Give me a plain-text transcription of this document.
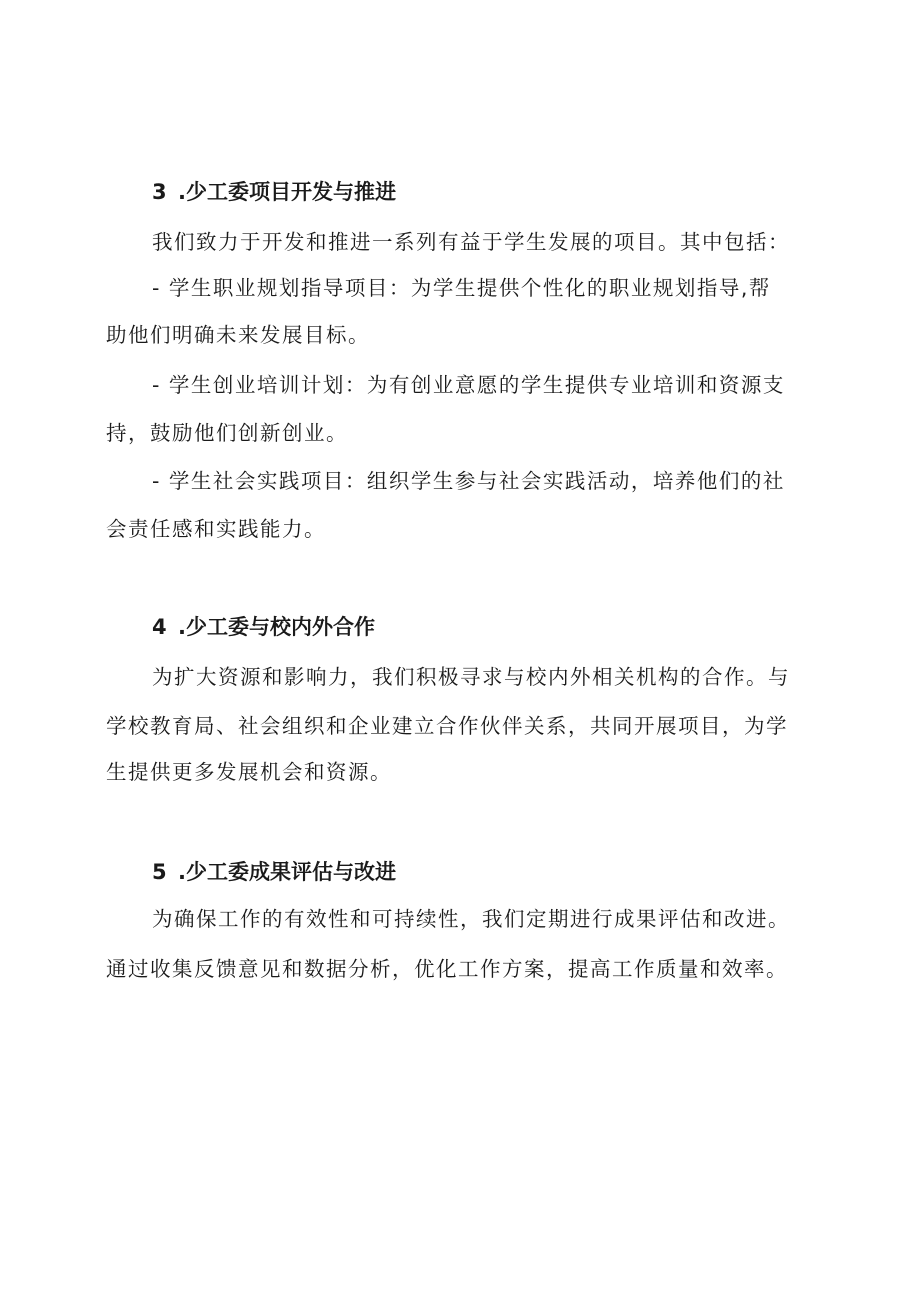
3 .少工委项目开发与推进
我们致力于开发和推进一系列有益于学生发展的项目。其中包括：
- 学生职业规划指导项目：为学生提供个性化的职业规划指导,帮
助他们明确未来发展目标。
- 学生创业培训计划：为有创业意愿的学生提供专业培训和资源支
持，鼓励他们创新创业。
- 学生社会实践项目：组织学生参与社会实践活动，培养他们的社
会责任感和实践能力。
4 .少工委与校内外合作
为扩大资源和影响力，我们积极寻求与校内外相关机构的合作。与
学校教育局、社会组织和企业建立合作伙伴关系，共同开展项目，为学
生提供更多发展机会和资源。
5 .少工委成果评估与改进
为确保工作的有效性和可持续性，我们定期进行成果评估和改进。
通过收集反馈意见和数据分析，优化工作方案，提高工作质量和效率。
